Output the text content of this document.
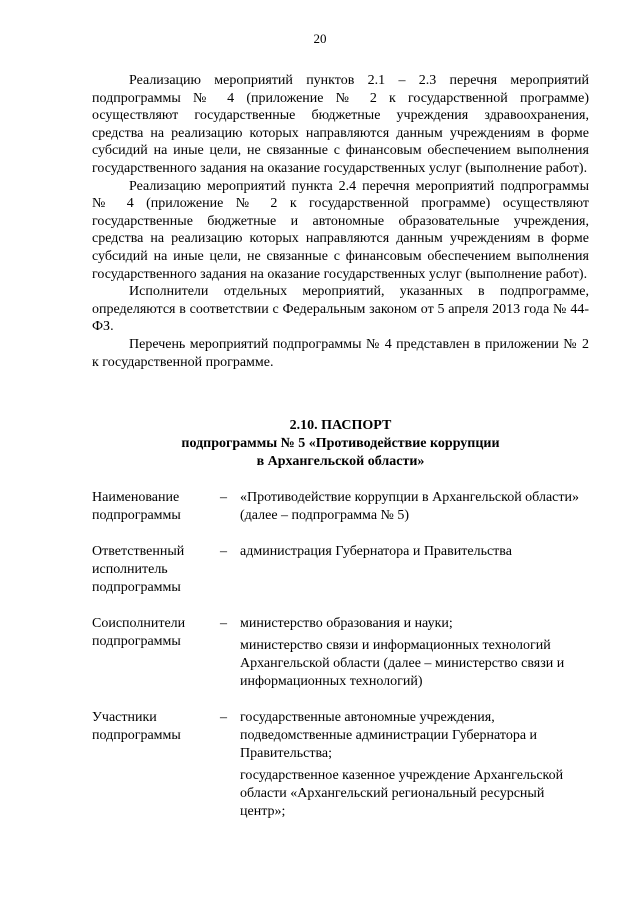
20

Реализацию мероприятий пунктов 2.1 – 2.3 перечня мероприятий подпрограммы № 4 (приложение № 2 к государственной программе) осуществляют государственные бюджетные учреждения здравоохранения, средства на реализацию которых направляются данным учреждениям в форме субсидий на иные цели, не связанные с финансовым обеспечением выполнения государственного задания на оказание государственных услуг (выполнение работ).

Реализацию мероприятий пункта 2.4 перечня мероприятий подпрограммы № 4 (приложение № 2 к государственной программе) осуществляют государственные бюджетные и автономные образовательные учреждения, средства на реализацию которых направляются данным учреждениям в форме субсидий на иные цели, не связанные с финансовым обеспечением выполнения государственного задания на оказание государственных услуг (выполнение работ).

Исполнители отдельных мероприятий, указанных в подпрограмме, определяются в соответствии с Федеральным законом от 5 апреля 2013 года № 44-ФЗ.

Перечень мероприятий подпрограммы № 4 представлен в приложении № 2 к государственной программе.

2.10. ПАСПОРТ
подпрограммы № 5 «Противодействие коррупции
в Архангельской области»
Наименование подпрограммы
– «Противодействие коррупции в Архангельской области» (далее – подпрограмма № 5)
Ответственный исполнитель подпрограммы
– администрация Губернатора и Правительства
Соисполнители подпрограммы
– министерство образования и науки;
министерство связи и информационных технологий Архангельской области (далее – министерство связи и информационных технологий)
Участники подпрограммы
– государственные автономные учреждения, подведомственные администрации Губернатора и Правительства;
государственное казенное учреждение Архангельской области «Архангельский региональный ресурсный центр»;
